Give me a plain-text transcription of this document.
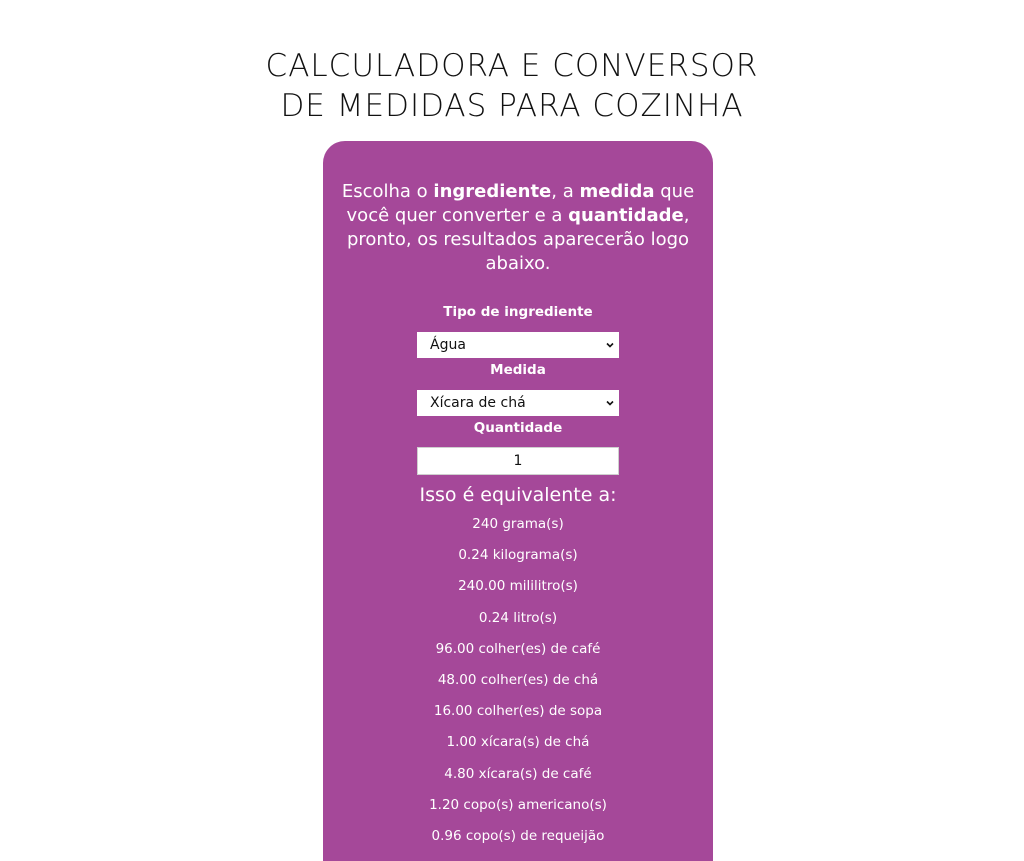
CALCULADORA E CONVERSOR
DE MEDIDAS PARA COZINHA

Escolha o ingrediente, a medida que você quer converter e a quantidade, pronto, os resultados aparecerão logo abaixo.

Tipo de ingrediente
Água
Medida
Xícara de chá
Quantidade
1
Isso é equivalente a:
240 grama(s)
0.24 kilograma(s)
240.00 mililitro(s)
0.24 litro(s)
96.00 colher(es) de café
48.00 colher(es) de chá
16.00 colher(es) de sopa
1.00 xícara(s) de chá
4.80 xícara(s) de café
1.20 copo(s) americano(s)
0.96 copo(s) de requeijão
